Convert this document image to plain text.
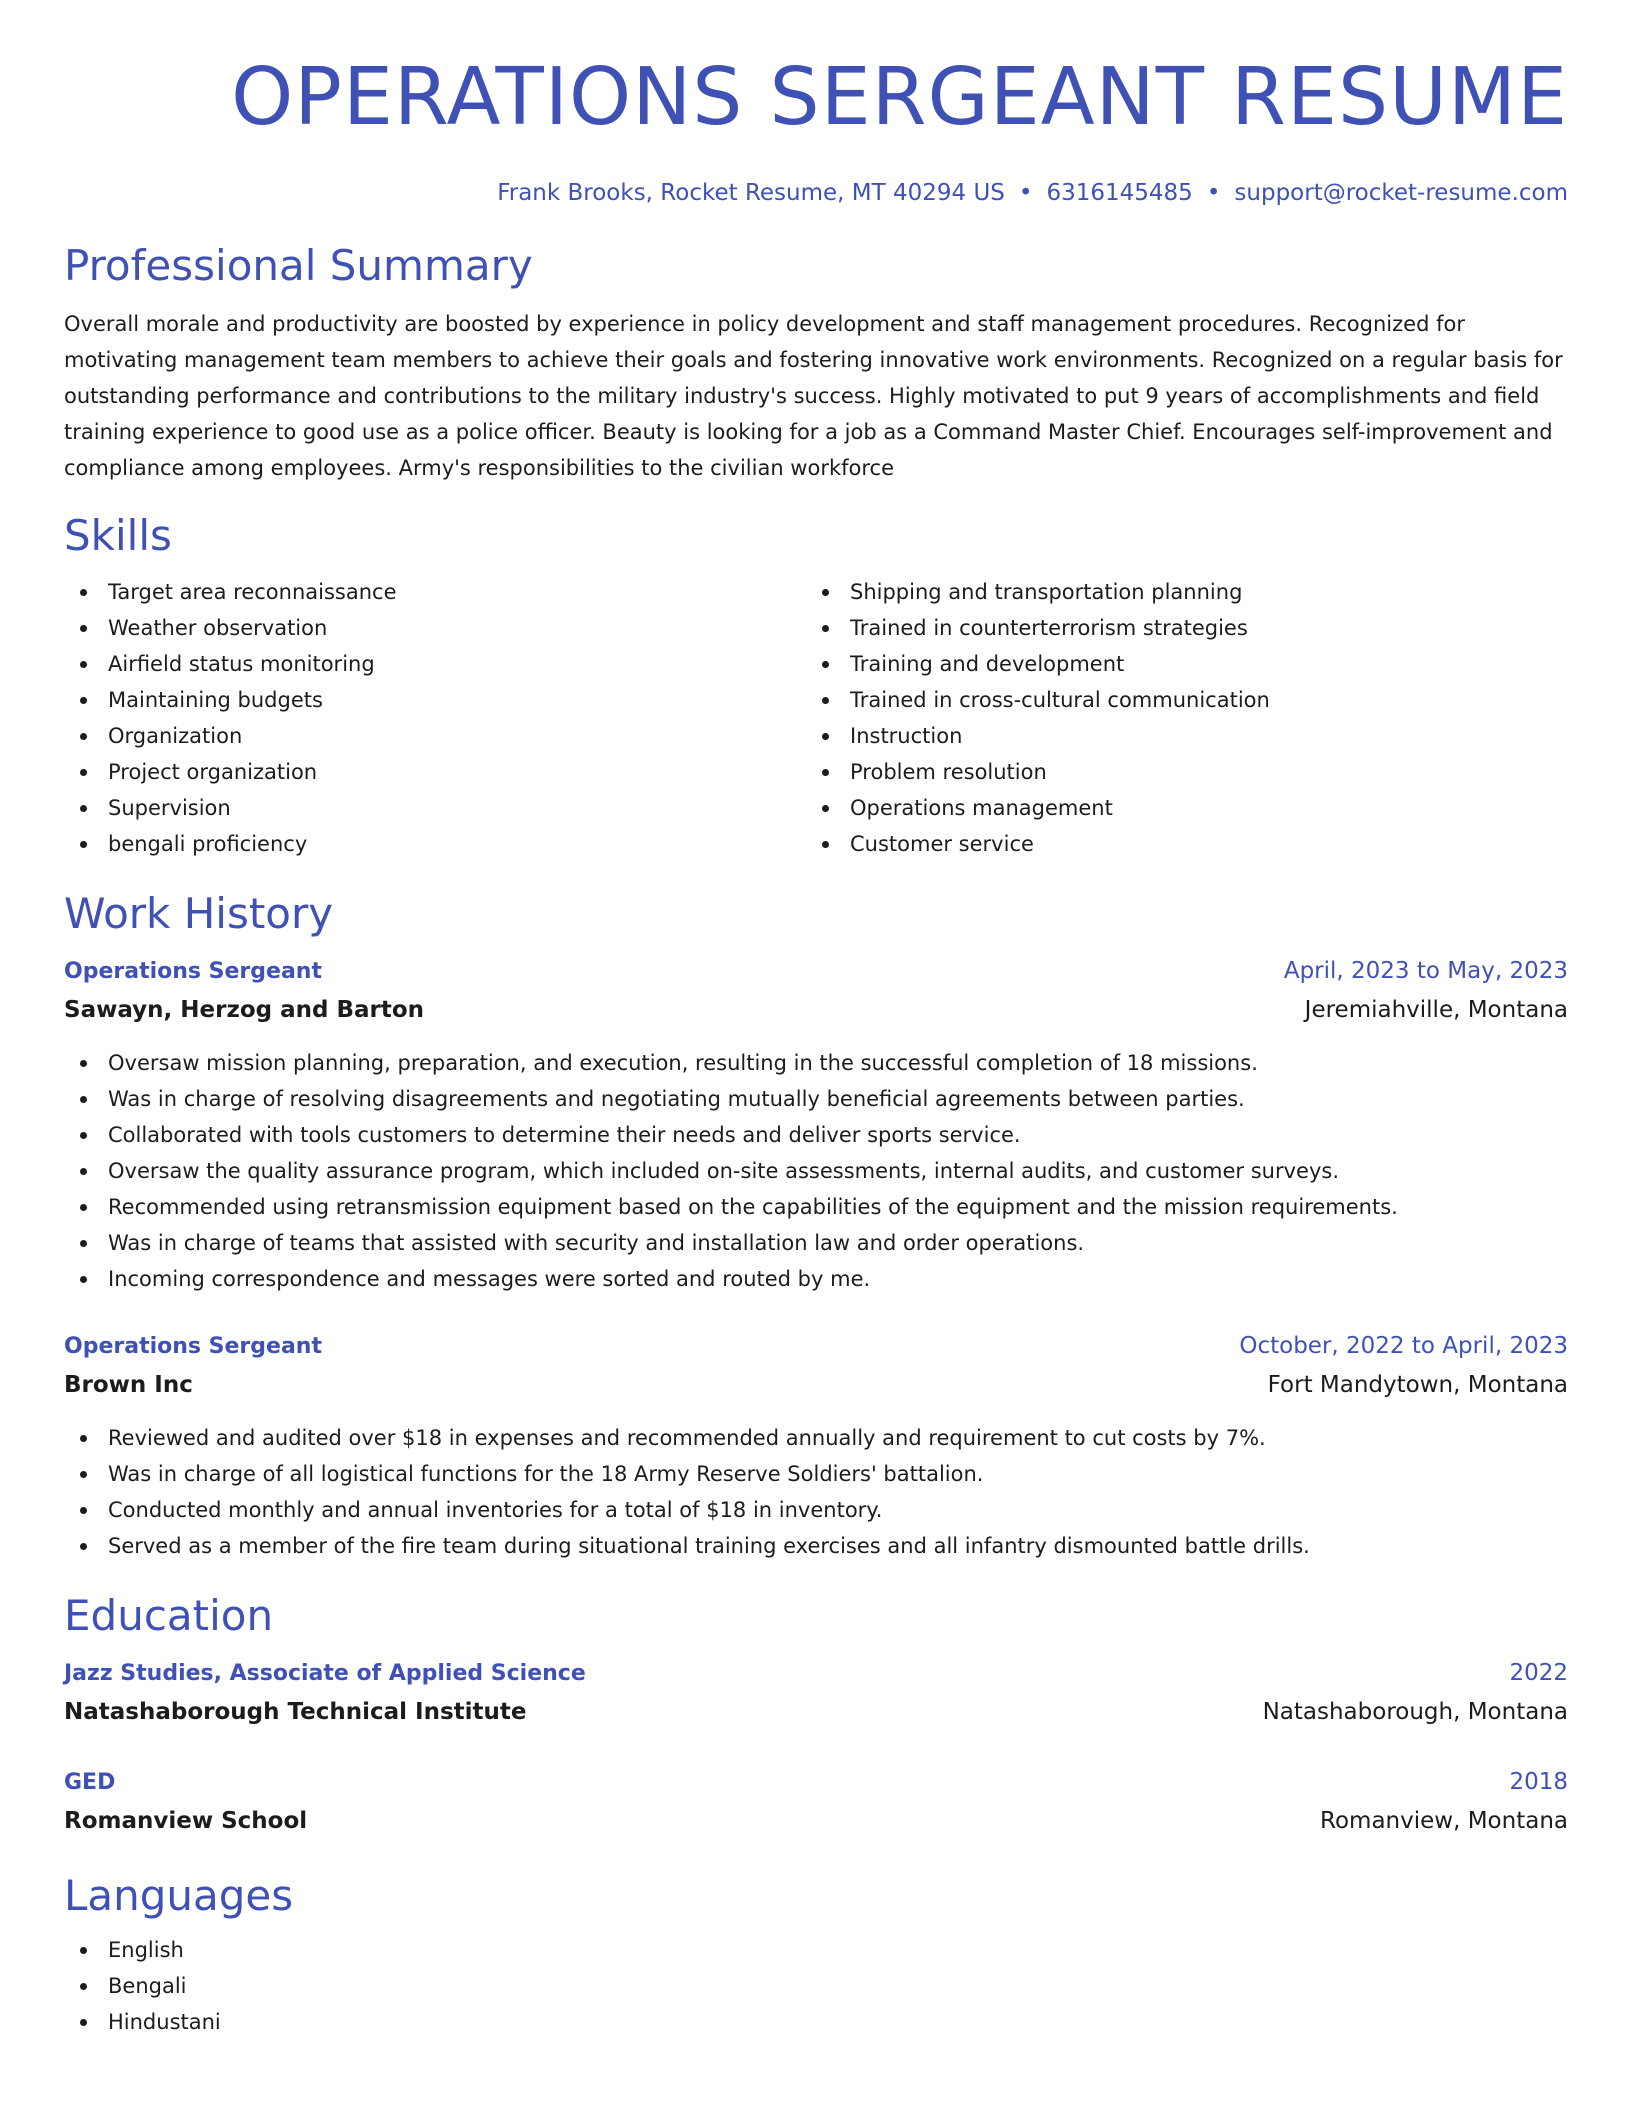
OPERATIONS SERGEANT RESUME
Frank Brooks, Rocket Resume, MT 40294 US • 6316145485 • support@rocket-resume.com
Professional Summary

Overall morale and productivity are boosted by experience in policy development and staff management procedures. Recognized for motivating management team members to achieve their goals and fostering innovative work environments. Recognized on a regular basis for outstanding performance and contributions to the military industry's success. Highly motivated to put 9 years of accomplishments and field training experience to good use as a police officer. Beauty is looking for a job as a Command Master Chief. Encourages self-improvement and compliance among employees. Army's responsibilities to the civilian workforce

Skills
Target area reconnaissance
Weather observation
Airfield status monitoring
Maintaining budgets
Organization
Project organization
Supervision
bengali proficiency
Shipping and transportation planning
Trained in counterterrorism strategies
Training and development
Trained in cross-cultural communication
Instruction
Problem resolution
Operations management
Customer service
Work History
Operations Sergeant	April, 2023 to May, 2023
Sawayn, Herzog and Barton	Jeremiahville, Montana
Oversaw mission planning, preparation, and execution, resulting in the successful completion of 18 missions.
Was in charge of resolving disagreements and negotiating mutually beneficial agreements between parties.
Collaborated with tools customers to determine their needs and deliver sports service.
Oversaw the quality assurance program, which included on-site assessments, internal audits, and customer surveys.
Recommended using retransmission equipment based on the capabilities of the equipment and the mission requirements.
Was in charge of teams that assisted with security and installation law and order operations.
Incoming correspondence and messages were sorted and routed by me.
Operations Sergeant	October, 2022 to April, 2023
Brown Inc	Fort Mandytown, Montana
Reviewed and audited over $18 in expenses and recommended annually and requirement to cut costs by 7%.
Was in charge of all logistical functions for the 18 Army Reserve Soldiers' battalion.
Conducted monthly and annual inventories for a total of $18 in inventory.
Served as a member of the fire team during situational training exercises and all infantry dismounted battle drills.
Education
Jazz Studies, Associate of Applied Science	2022
Natashaborough Technical Institute	Natashaborough, Montana
GED	2018
Romanview School	Romanview, Montana
Languages
English
Bengali
Hindustani
